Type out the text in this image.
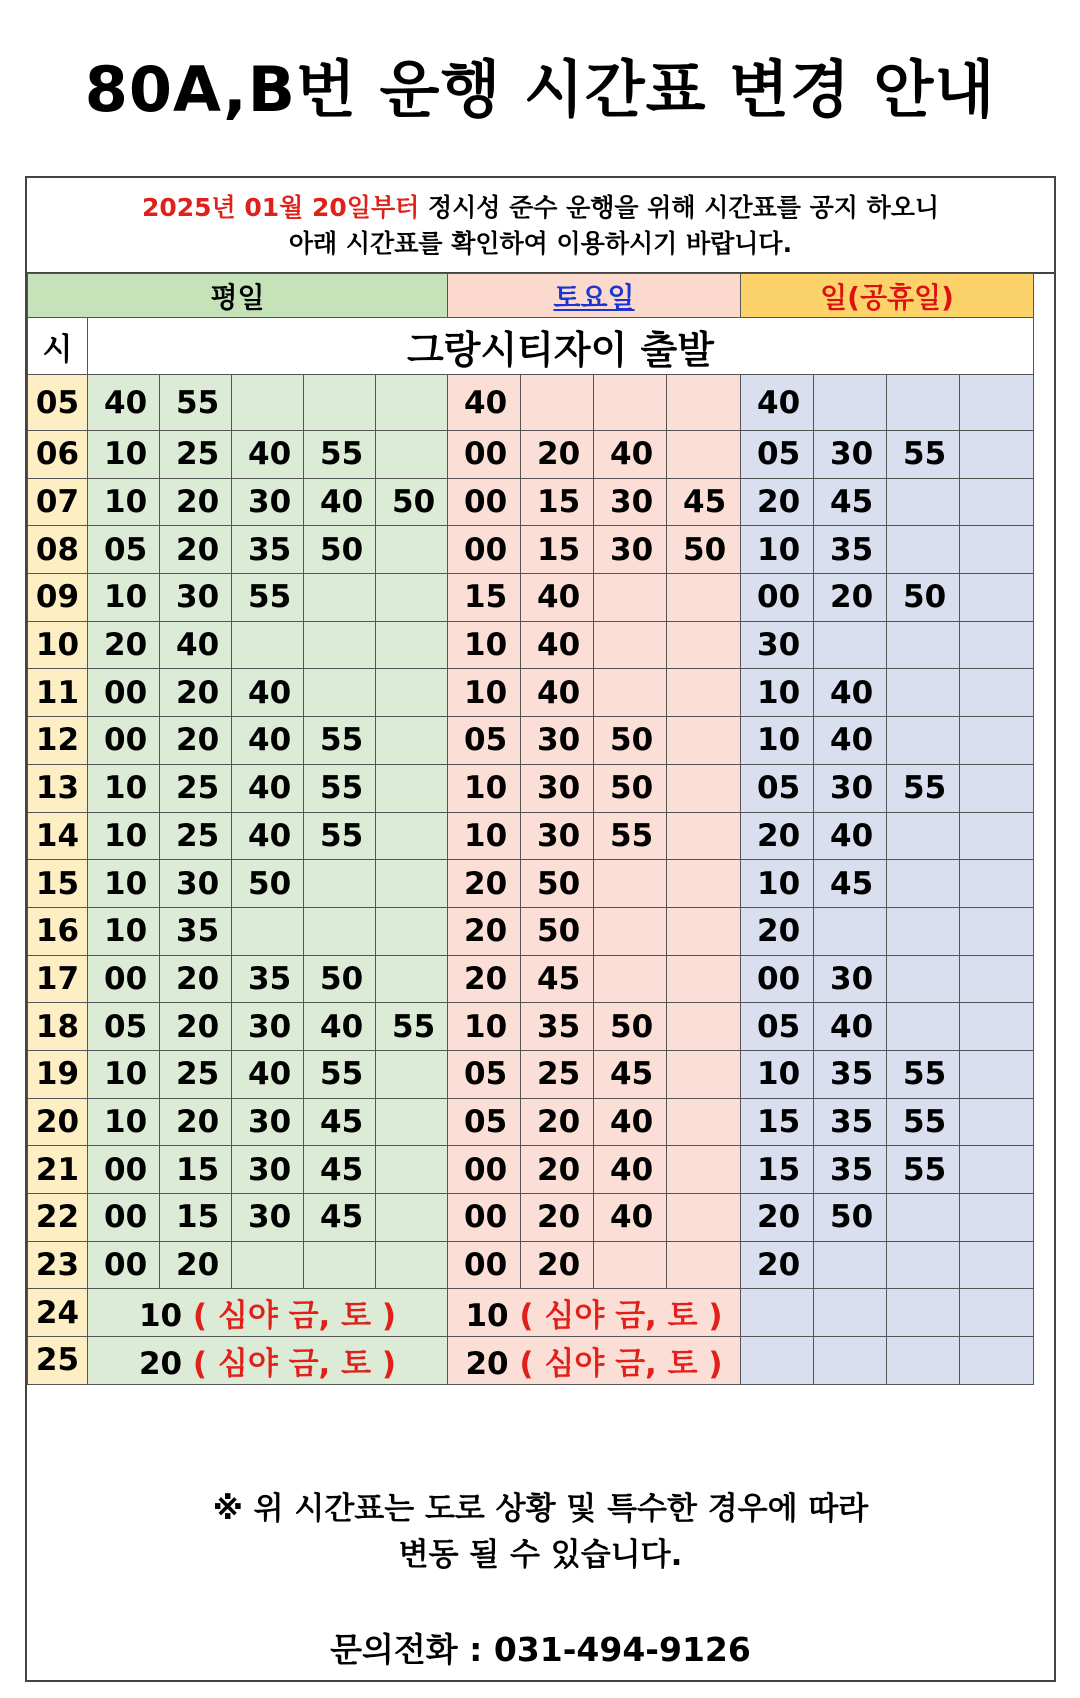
80A,B번 운행 시간표 변경 안내
2025년 01월 20일부터 정시성 준수 운행을 위해 시간표를 공지 하오니
아래 시간표를 확인하여 이용하시기 바랍니다.
평일						토요일				일(공휴일)			
시	그랑시티자이 출발												
05	40	55				40				40			
06	10	25	40	55		00	20	40		05	30	55	
07	10	20	30	40	50	00	15	30	45	20	45		
08	05	20	35	50		00	15	30	50	10	35		
09	10	30	55			15	40			00	20	50	
10	20	40				10	40			30			
11	00	20	40			10	40			10	40		
12	00	20	40	55		05	30	50		10	40		
13	10	25	40	55		10	30	50		05	30	55	
14	10	25	40	55		10	30	55		20	40		
15	10	30	50			20	50			10	45		
16	10	35				20	50			20			
17	00	20	35	50		20	45			00	30		
18	05	20	30	40	55	10	35	50		05	40		
19	10	25	40	55		05	25	45		10	35	55	
20	10	20	30	45		05	20	40		15	35	55	
21	00	15	30	45		00	20	40		15	35	55	
22	00	15	30	45		00	20	40		20	50		
23	00	20				00	20			20			
24	10 ( 심야 금, 토 )					10 ( 심야 금, 토 )							
25	20 ( 심야 금, 토 )					20 ( 심야 금, 토 )							
※ 위 시간표는 도로 상황 및 특수한 경우에 따라
변동 될 수 있습니다.
문의전화 : 031-494-9126
